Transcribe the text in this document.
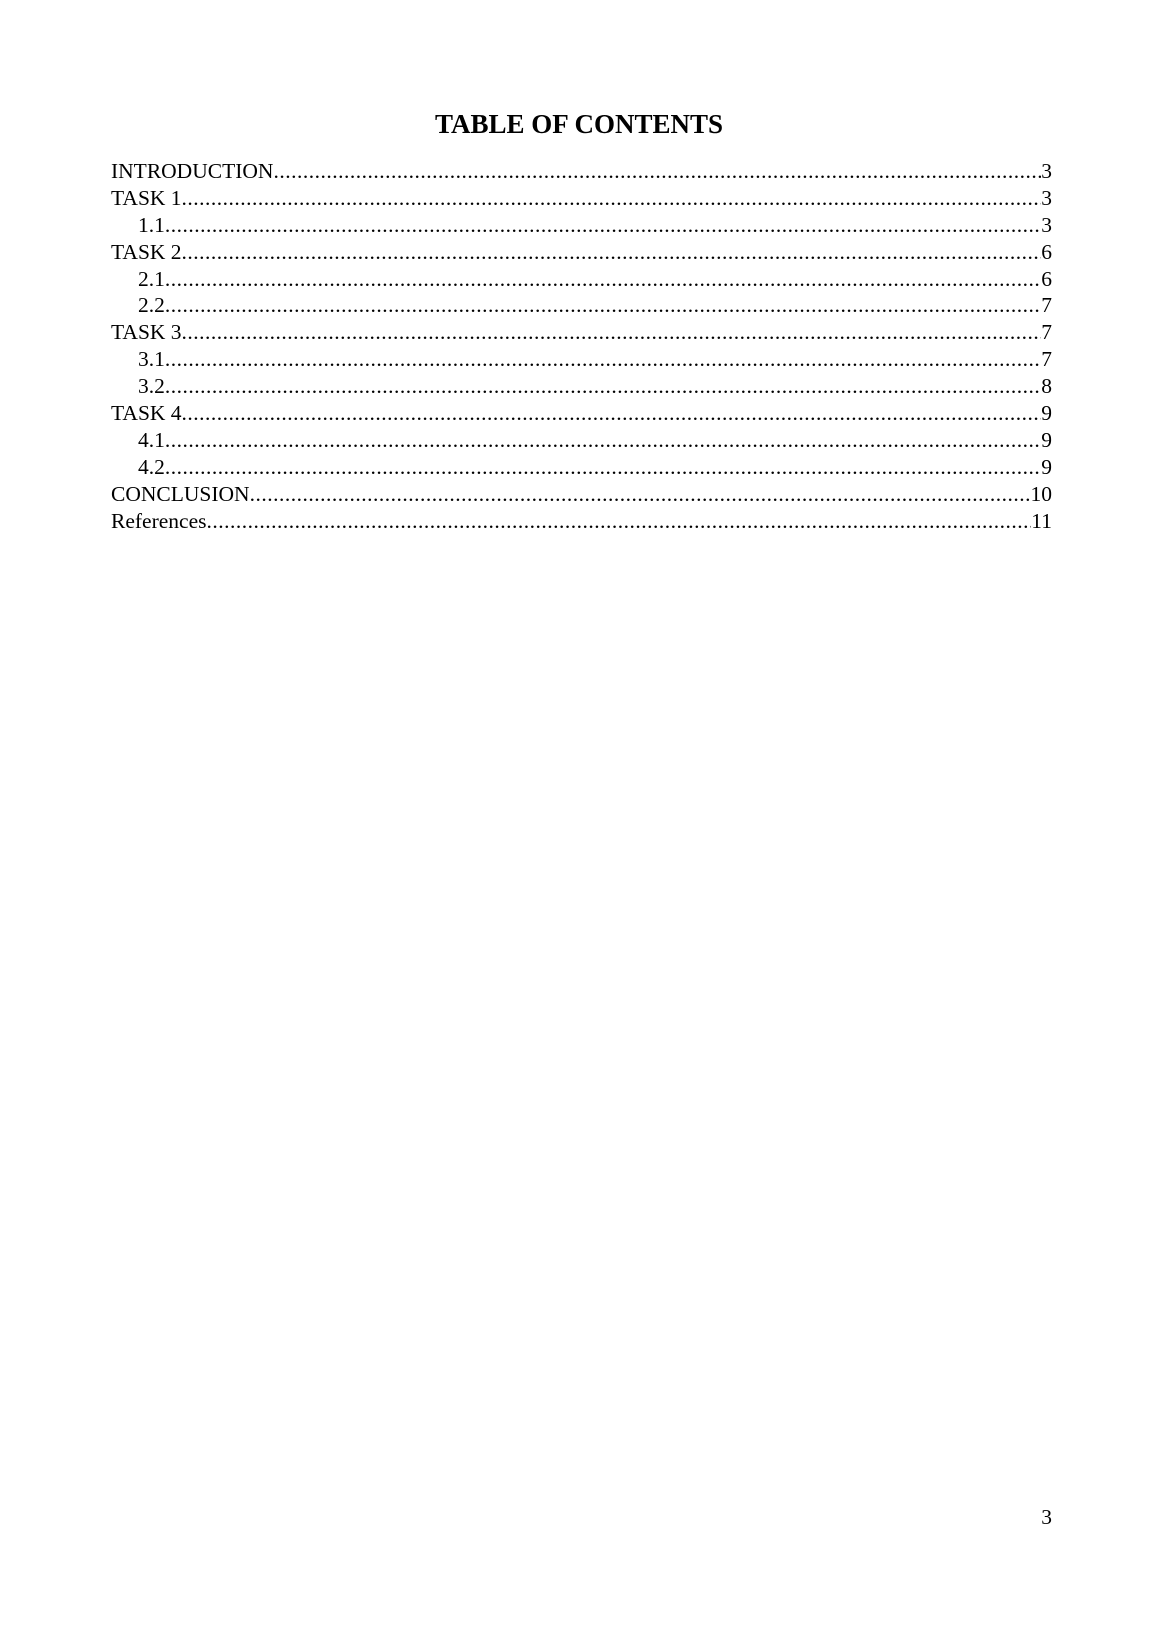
TABLE OF CONTENTS
INTRODUCTION .....	3
TASK 1 .....	3
1.1 .....	3
TASK 2 .....	6
2.1 .....	6
2.2 .....	7
TASK 3 .....	7
3.1 .....	7
3.2 .....	8
TASK 4 .....	9
4.1 .....	9
4.2 .....	9
CONCLUSION .....	10
References .....	11
3
